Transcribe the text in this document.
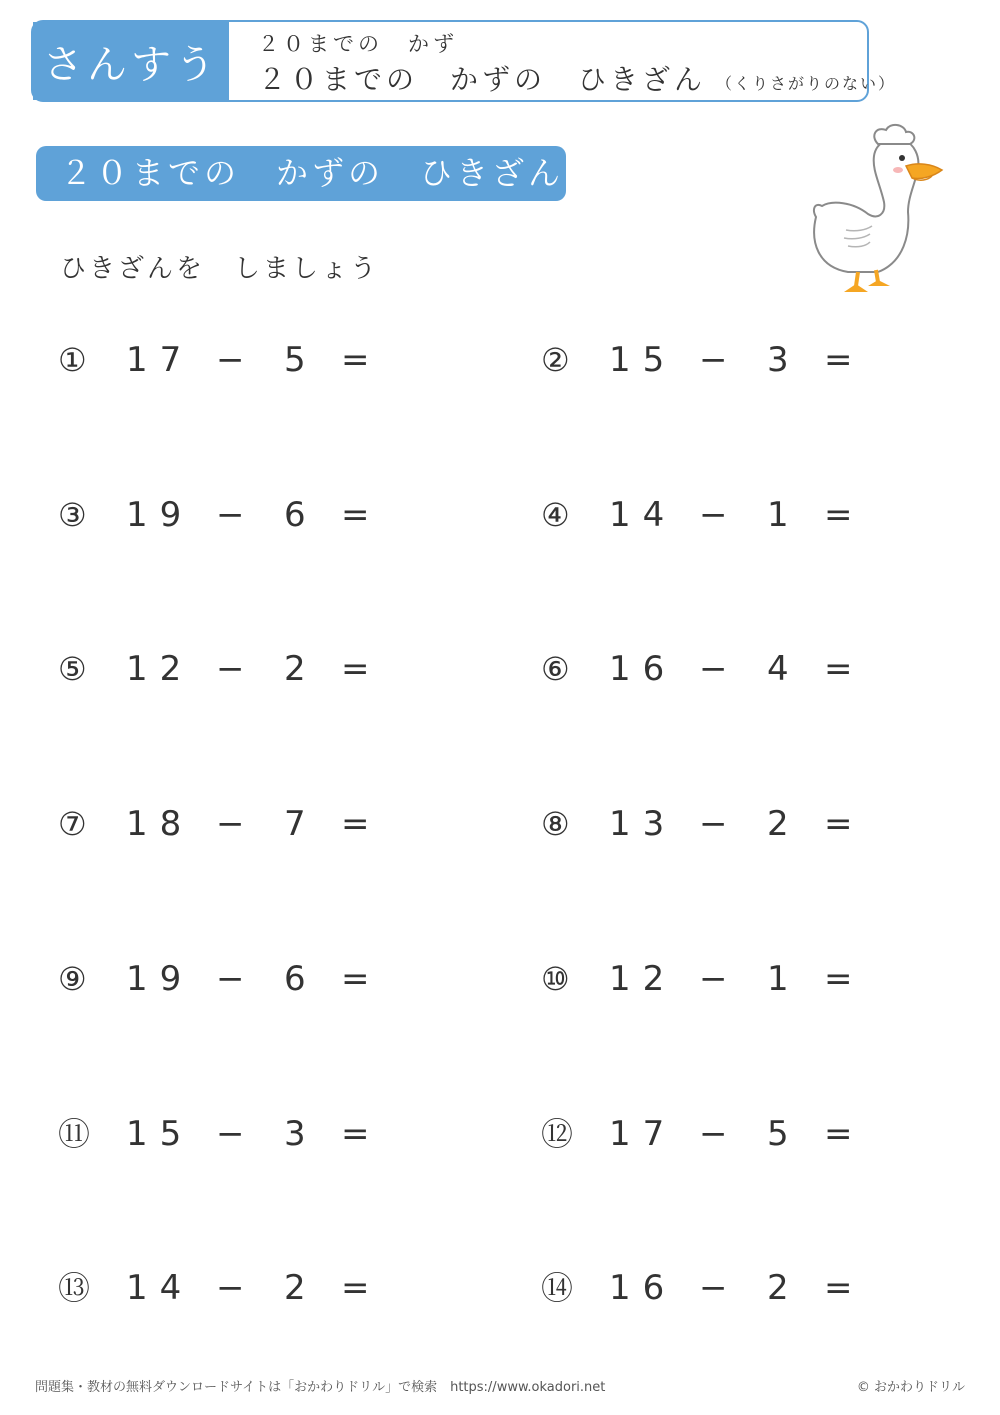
さんすう	２０までの　かず
２０までの　かずの　ひきざん （くりさがりのない）
２０までの　かずの　ひきざん
ひきざんを　しましょう
① 17 − 5 =	② 15 − 3 =
③ 19 − 6 =	④ 14 − 1 =
⑤ 12 − 2 =	⑥ 16 − 4 =
⑦ 18 − 7 =	⑧ 13 − 2 =
⑨ 19 − 6 =	⑩ 12 − 1 =
⑪ 15 − 3 =	⑫ 17 − 5 =
⑬ 14 − 2 =	⑭ 16 − 2 =
問題集・教材の無料ダウンロードサイトは「おかわりドリル」で検索　https://www.okadori.net	© おかわりドリル
